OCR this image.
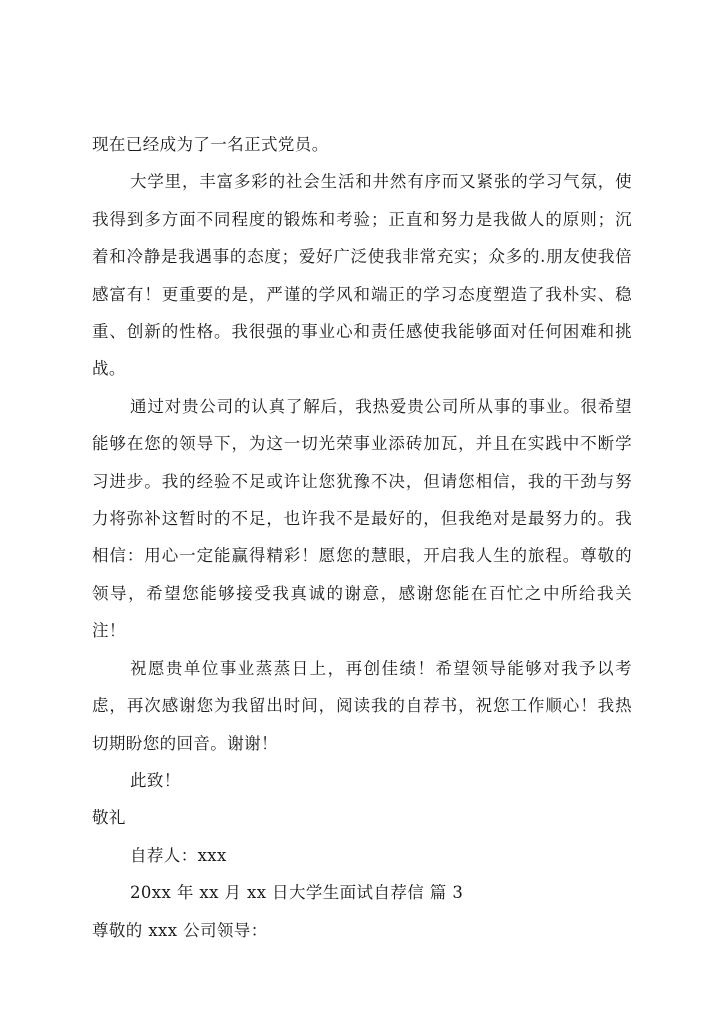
现在已经成为了一名正式党员。

大学里，丰富多彩的社会生活和井然有序而又紧张的学习气氛，使我得到多方面不同程度的锻炼和考验；正直和努力是我做人的原则；沉着和冷静是我遇事的态度；爱好广泛使我非常充实；众多的.朋友使我倍感富有！更重要的是，严谨的学风和端正的学习态度塑造了我朴实、稳重、创新的性格。我很强的事业心和责任感使我能够面对任何困难和挑战。

通过对贵公司的认真了解后，我热爱贵公司所从事的事业。很希望能够在您的领导下，为这一切光荣事业添砖加瓦，并且在实践中不断学习进步。我的经验不足或许让您犹豫不决，但请您相信，我的干劲与努力将弥补这暂时的不足，也许我不是最好的，但我绝对是最努力的。我相信：用心一定能赢得精彩！愿您的慧眼，开启我人生的旅程。尊敬的领导，希望您能够接受我真诚的谢意，感谢您能在百忙之中所给我关注！

祝愿贵单位事业蒸蒸日上，再创佳绩！希望领导能够对我予以考虑，再次感谢您为我留出时间，阅读我的自荐书，祝您工作顺心！我热切期盼您的回音。谢谢！

此致！

敬礼

自荐人：xxx

20xx 年 xx 月 xx 日大学生面试自荐信 篇 3

尊敬的 xxx 公司领导：
